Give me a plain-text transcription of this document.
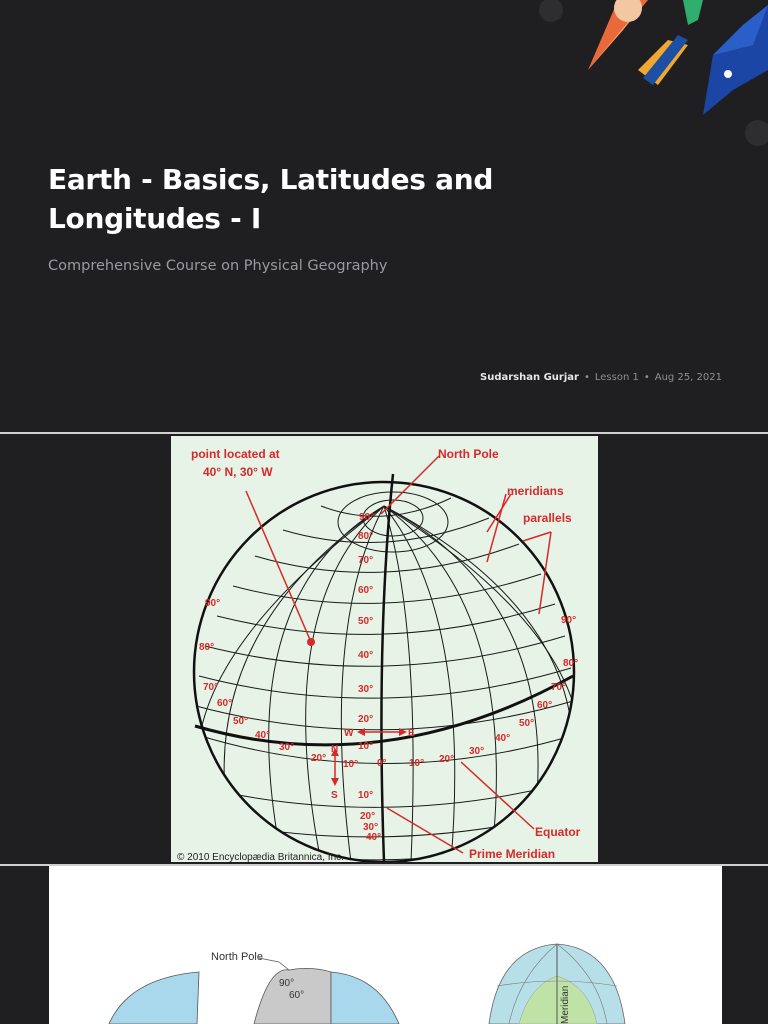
Earth - Basics, Latitudes and
Longitudes - I
Comprehensive Course on Physical Geography
Sudarshan Gurjar • Lesson 1 • Aug 25, 2021
point located at
40° N, 30° W
North Pole
meridians
parallels
Equator
Prime Meridian
© 2010 Encyclopædia Britannica, Inc.
90°
80°
70°
60°
50°
40°
30°
20°
10°
0°
10°
20°
30°
40°
90°
80°
70°
60°
50°
40°
30°
20°
10°	10° 20°
30°
40°
50°
60°
70°
80°
90°
W	E
N
S
North Pole
90°
60°	Meridian
